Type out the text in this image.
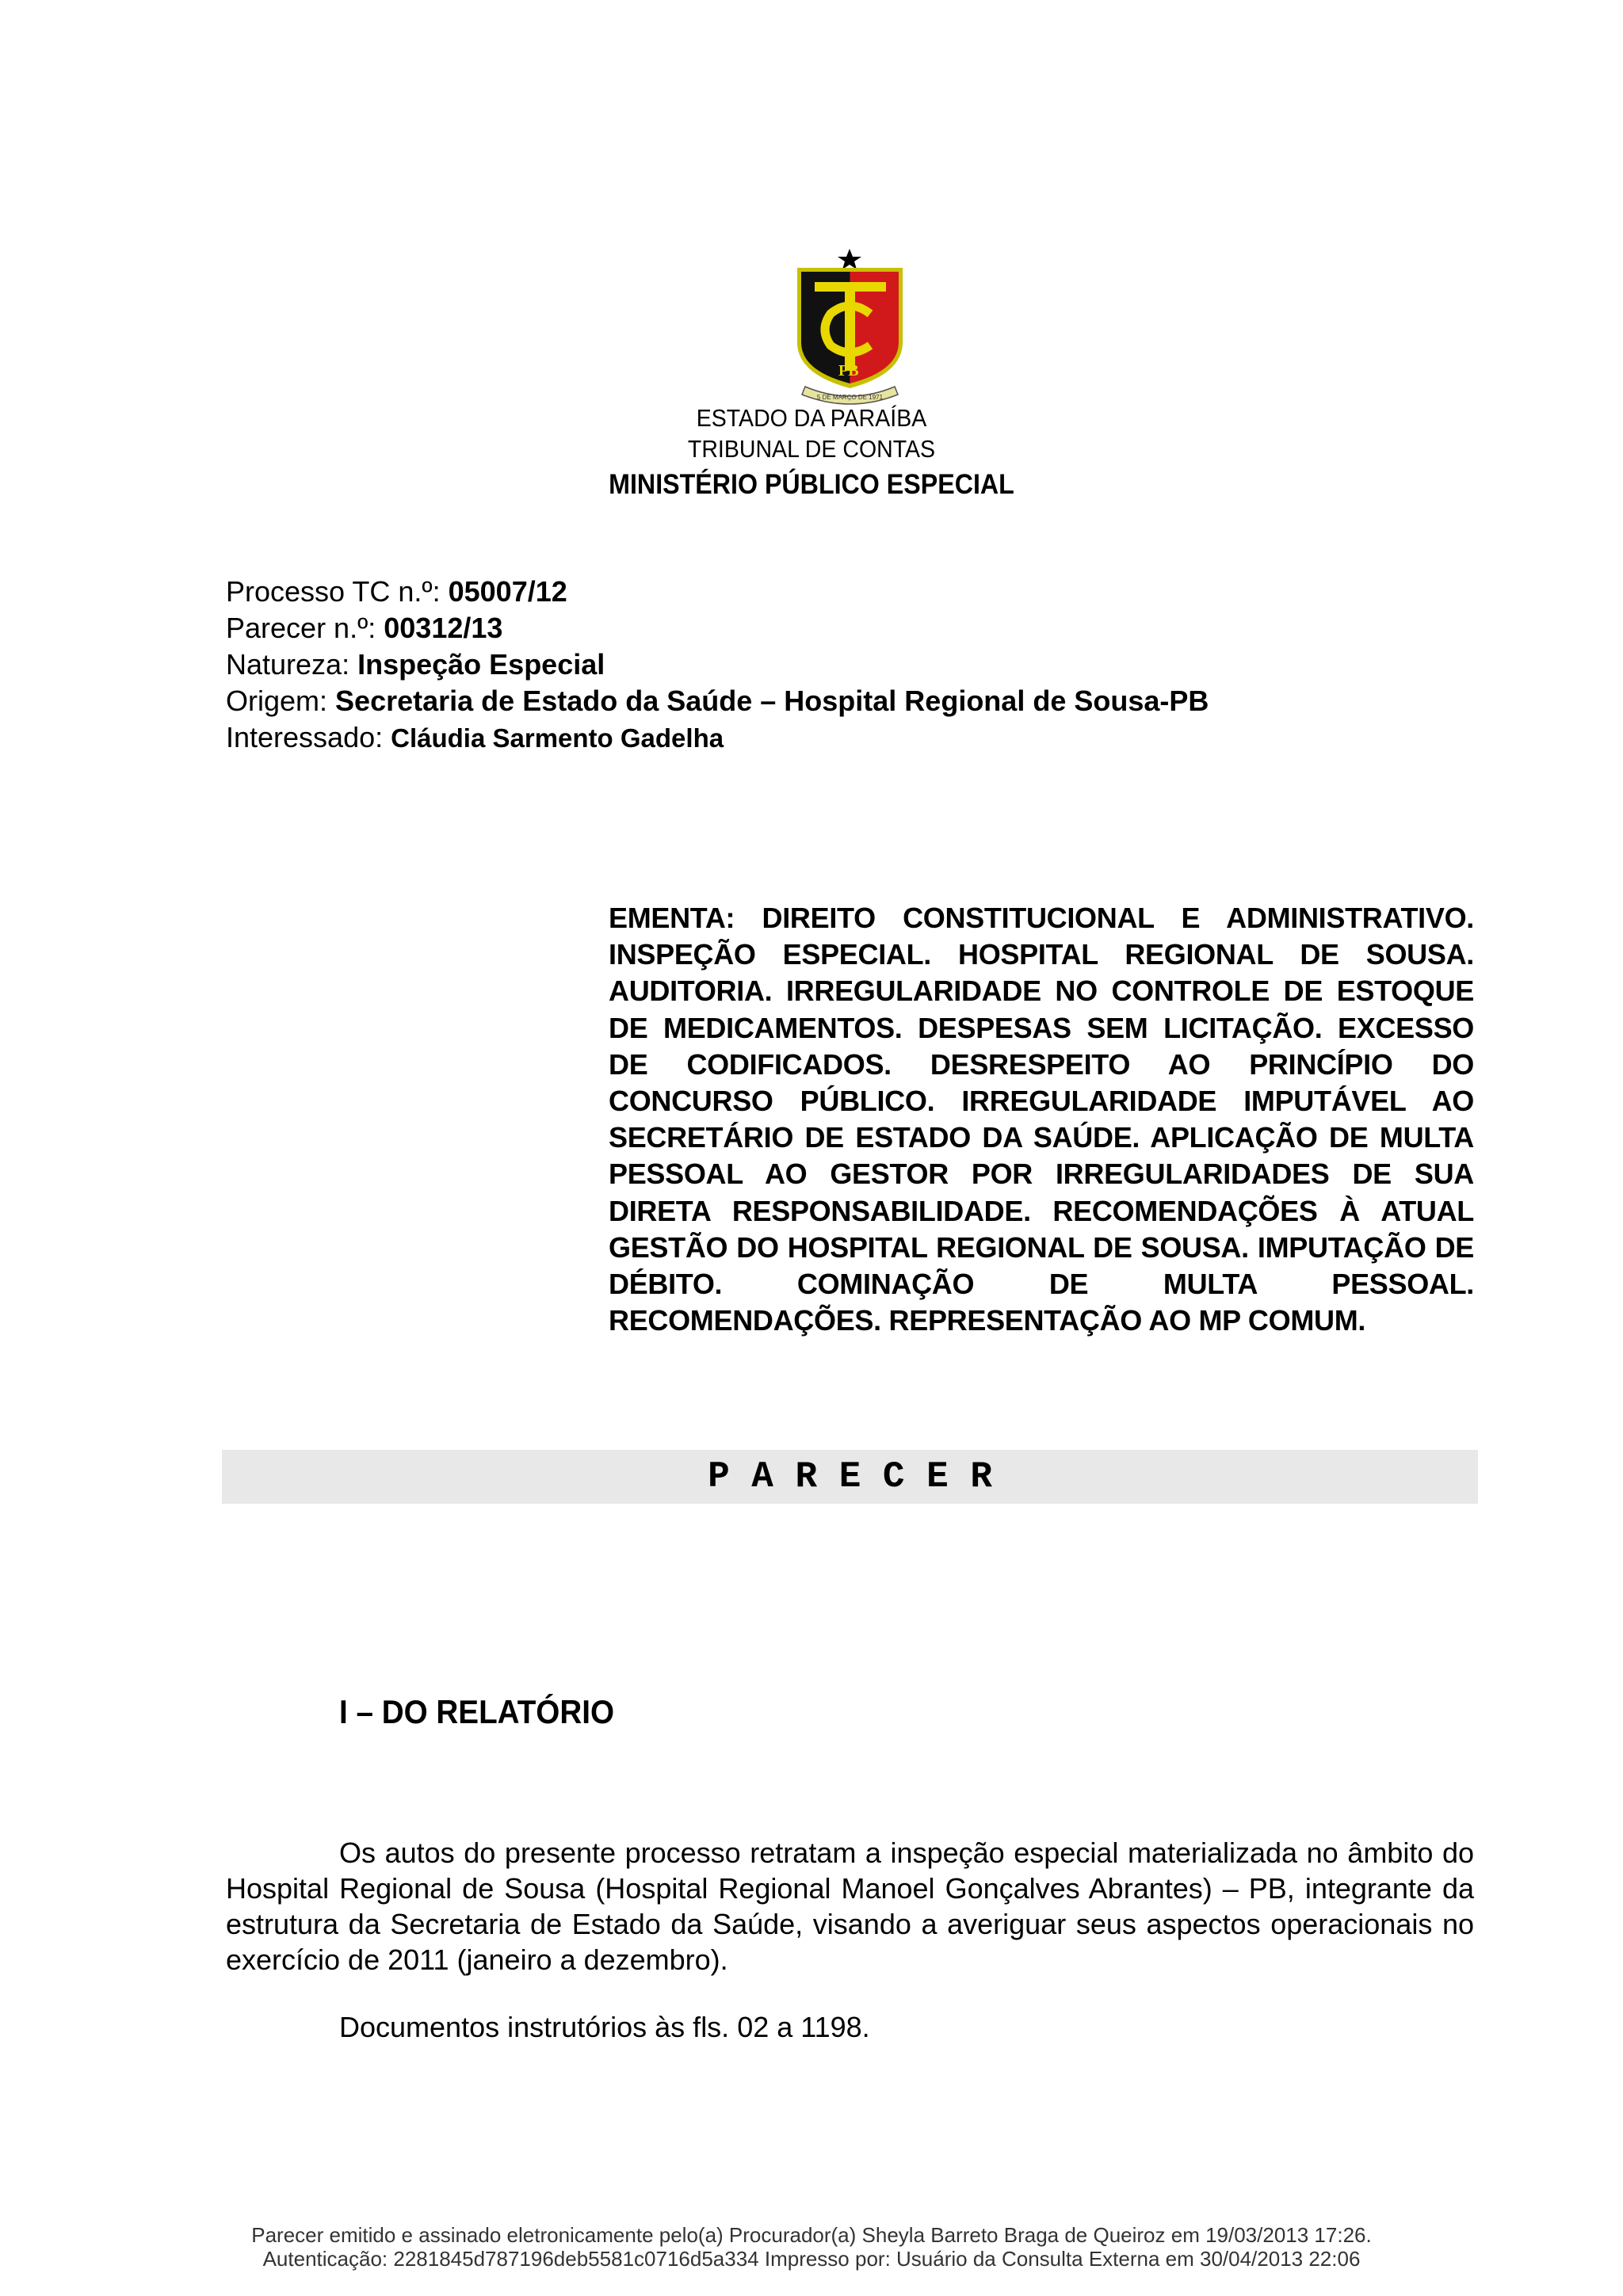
PB
5 DE MARÇO DE 1971
ESTADO DA PARAÍBA
TRIBUNAL DE CONTAS
MINISTÉRIO PÚBLICO ESPECIAL
Processo TC n.º: 05007/12
Parecer n.º: 00312/13
Natureza: Inspeção Especial
Origem: Secretaria de Estado da Saúde – Hospital Regional de Sousa-PB
Interessado: Cláudia Sarmento Gadelha
EMENTA: DIREITO CONSTITUCIONAL E ADMINISTRATIVO. INSPEÇÃO ESPECIAL. HOSPITAL REGIONAL DE SOUSA. AUDITORIA. IRREGULARIDADE NO CONTROLE DE ESTOQUE DE MEDICAMENTOS. DESPESAS SEM LICITAÇÃO. EXCESSO DE CODIFICADOS. DESRESPEITO AO PRINCÍPIO DO CONCURSO PÚBLICO. IRREGULARIDADE IMPUTÁVEL AO SECRETÁRIO DE ESTADO DA SAÚDE. APLICAÇÃO DE MULTA PESSOAL AO GESTOR POR IRREGULARIDADES DE SUA DIRETA RESPONSABILIDADE. RECOMENDAÇÕES À ATUAL GESTÃO DO HOSPITAL REGIONAL DE SOUSA. IMPUTAÇÃO DE DÉBITO. COMINAÇÃO DE MULTA PESSOAL. RECOMENDAÇÕES. REPRESENTAÇÃO AO MP COMUM.
P A R E C E R
I – DO RELATÓRIO
Os autos do presente processo retratam a inspeção especial materializada no âmbito do Hospital Regional de Sousa (Hospital Regional Manoel Gonçalves Abrantes) – PB, integrante da estrutura da Secretaria de Estado da Saúde, visando a averiguar seus aspectos operacionais no exercício de 2011 (janeiro a dezembro).
Documentos instrutórios às fls. 02 a 1198.
Parecer emitido e assinado eletronicamente pelo(a) Procurador(a) Sheyla Barreto Braga de Queiroz em 19/03/2013 17:26.
Autenticação: 2281845d787196deb5581c0716d5a334 Impresso por: Usuário da Consulta Externa em 30/04/2013 22:06
